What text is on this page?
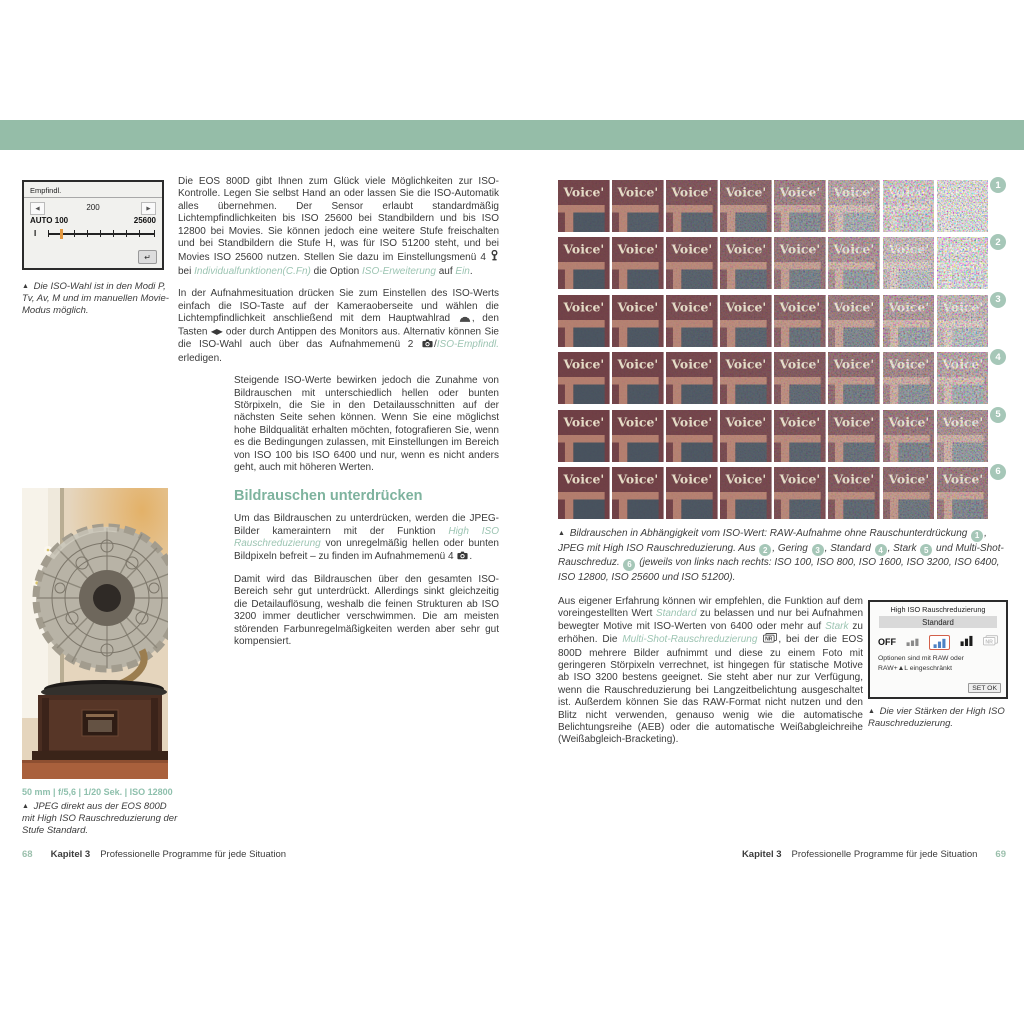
Empfindl.
◀	200	▶
AUTO 100	25600
I
↵
▲ Die ISO-Wahl ist in den Modi P, Tv, Av, M und im manuellen Movie-Modus möglich.

Die EOS 800D gibt Ihnen zum Glück viele Möglichkeiten zur ISO-Kontrolle. Legen Sie selbst Hand an oder lassen Sie die ISO-Automatik alles übernehmen. Der Sensor erlaubt standardmäßig Lichtempfindlichkeiten bis ISO 25600 bei Standbildern und bis ISO 12800 bei Movies. Sie können jedoch eine weitere Stufe freischalten und bei Standbildern die Stufe H, was für ISO 51200 steht, und bei Movies ISO 25600 nutzen. Stellen Sie dazu im Einstellungsmenü 4  bei Individualfunktionen(C.Fn) die Option ISO-Erweiterung auf Ein.

In der Aufnahmesituation drücken Sie zum Einstellen des ISO-Werts einfach die ISO-Taste auf der Kameraoberseite und wählen die Lichtempfindlichkeit anschließend mit dem Hauptwahlrad , den Tasten ◀▶ oder durch Antippen des Monitors aus. Alternativ können Sie die ISO-Wahl auch über das Aufnahmemenü 2 /ISO-Empfindl. erledigen.

Steigende ISO-Werte bewirken jedoch die Zunahme von Bildrauschen mit unterschiedlich hellen oder bunten Störpixeln, die Sie in den Detailausschnitten auf der nächsten Seite sehen können. Wenn Sie eine möglichst hohe Bildqualität erhalten möchten, fotografieren Sie, wenn es die Bedingungen zulassen, mit Einstellungen im Bereich von ISO 100 bis ISO 6400 und nur, wenn es nicht anders geht, auch mit höheren Werten.

Bildrauschen unterdrücken

Um das Bildrauschen zu unterdrücken, werden die JPEG-Bilder kameraintern mit der Funktion High ISO Rauschreduzierung von unregelmäßig hellen oder bunten Bildpixeln befreit – zu finden im Aufnahmemenü 4 .

Damit wird das Bildrauschen über den gesamten ISO-Bereich sehr gut unterdrückt. Allerdings sinkt gleichzeitig die Detailauflösung, weshalb die feinen Strukturen ab ISO 3200 immer deutlicher verschwimmen. Die am meisten störenden Farbunregelmäßigkeiten werden aber sehr gut kompensiert.

50 mm | f/5,6 | 1/20 Sek. | ISO 12800
▲ JPEG direkt aus der EOS 800D mit High ISO Rauschreduzierung der Stufe Standard.
68 Kapitel 3 Professionelle Programme für jede Situation
Voice' Voice' Voice' Voice' Voice'	1
Voice' Voice' Voice' Voice' Voice'	2
Voice' Voice' Voice' Voice' Voice' Voice'	3
Voice' Voice' Voice' Voice' Voice' Voice' Voice'	4
Voice' Voice' Voice' Voice' Voice' Voice' Voice'	5
Voice' Voice' Voice' Voice' Voice' Voice' Voice' Voice'	6
▲ Bildrauschen in Abhängigkeit vom ISO-Wert: RAW-Aufnahme ohne Rauschunterdrückung 1 , JPEG mit High ISO Rauschreduzierung. Aus 2 , Gering 3 , Standard 4 , Stark 5 und Multi-Shot-Rauschreduz. 6 (jeweils von links nach rechts: ISO 100, ISO 800, ISO 1600, ISO 3200, ISO 6400, ISO 12800, ISO 25600 und ISO 51200).

Aus eigener Erfahrung können wir empfehlen, die Funktion auf dem voreingestellten Wert Standard zu belassen und nur bei Aufnahmen bewegter Motive mit ISO-Werten von 6400 oder mehr auf Stark zu erhöhen. Die Multi-Shot-Rauschreduzierung NR , bei der die EOS 800D mehrere Bilder aufnimmt und diese zu einem Foto mit geringeren Störpixeln verrechnet, ist hingegen für statische Motive ab ISO 3200 bestens geeignet. Sie steht aber nur zur Verfügung, wenn die Rauschreduzierung bei Langzeitbelichtung ausgeschaltet ist. Außerdem können Sie das RAW-Format nicht nutzen und den Blitz nicht verwenden, genauso wenig wie die automatische Belichtungsreihe (AEB) oder die automatische Weißabgleichreihe (Weißabgleich-Bracketing).

High ISO Rauschreduzierung
Standard
OFF	NR
Optionen sind mit RAW oder
RAW+▲L eingeschränkt
SET OK
▲ Die vier Stärken der High ISO Rauschreduzierung.
Kapitel 3 Professionelle Programme für jede Situation 69
